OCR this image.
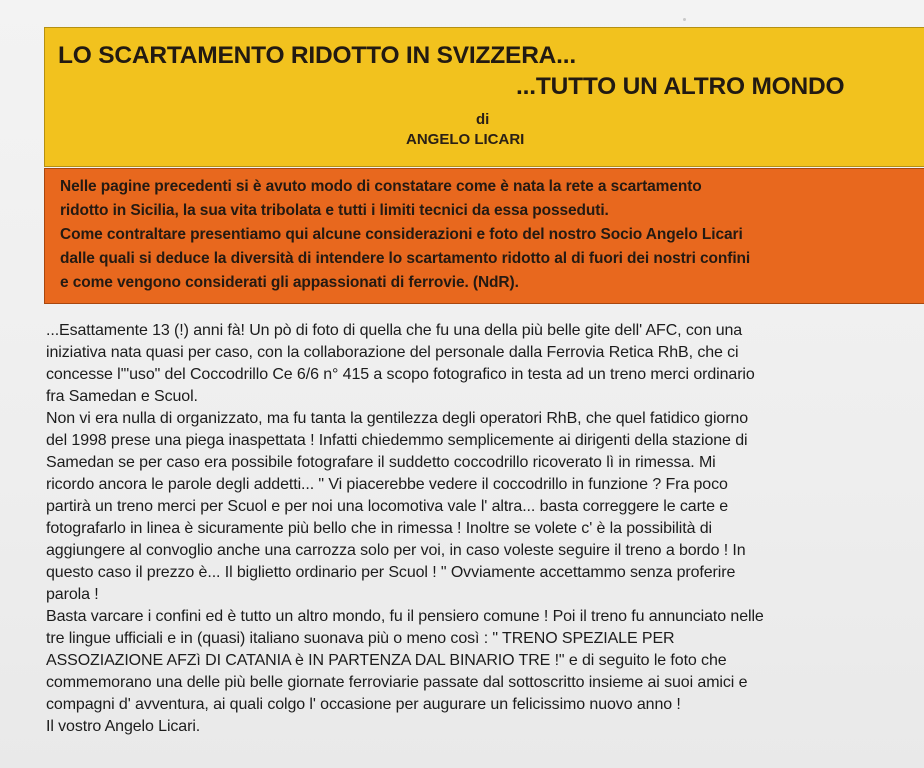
LO SCARTAMENTO RIDOTTO IN SVIZZERA...
...TUTTO UN ALTRO MONDO
di
ANGELO LICARI
Nelle pagine precedenti si è avuto modo di constatare come è nata la rete a scartamento
ridotto in Sicilia, la sua vita tribolata e tutti i limiti tecnici da essa posseduti.
Come contraltare presentiamo qui alcune considerazioni e foto del nostro Socio Angelo Licari
dalle quali si deduce la diversità di intendere lo scartamento ridotto al di fuori dei nostri confini
e come vengono considerati gli appassionati di ferrovie. (NdR).
...Esattamente 13 (!) anni fà! Un pò di foto di quella che fu una della più belle gite dell' AFC, con una
iniziativa nata quasi per caso, con la collaborazione del personale dalla Ferrovia Retica RhB, che ci
concesse l'"uso" del Coccodrillo Ce 6/6 n° 415 a scopo fotografico in testa ad un treno merci ordinario
fra Samedan e Scuol.
Non vi era nulla di organizzato, ma fu tanta la gentilezza degli operatori RhB, che quel fatidico giorno
del 1998 prese una piega inaspettata ! Infatti chiedemmo semplicemente ai dirigenti della stazione di
Samedan se per caso era possibile fotografare il suddetto coccodrillo ricoverato lì in rimessa. Mi
ricordo ancora le parole degli addetti... " Vi piacerebbe vedere il coccodrillo in funzione ? Fra poco
partirà un treno merci per Scuol e per noi una locomotiva vale l' altra... basta correggere le carte e
fotografarlo in linea è sicuramente più bello che in rimessa ! Inoltre se volete c' è la possibilità di
aggiungere al convoglio anche una carrozza solo per voi, in caso voleste seguire il treno a bordo ! In
questo caso il prezzo è... Il biglietto ordinario per Scuol ! " Ovviamente accettammo senza proferire
parola !
Basta varcare i confini ed è tutto un altro mondo, fu il pensiero comune ! Poi il treno fu annunciato nelle
tre lingue ufficiali e in (quasi) italiano suonava più o meno così : " TRENO SPEZIALE PER
ASSOZIAZIONE AFZì DI CATANIA è IN PARTENZA DAL BINARIO TRE !" e di seguito le foto che
commemorano una delle più belle giornate ferroviarie passate dal sottoscritto insieme ai suoi amici e
compagni d' avventura, ai quali colgo l' occasione per augurare un felicissimo nuovo anno !
Il vostro Angelo Licari.
